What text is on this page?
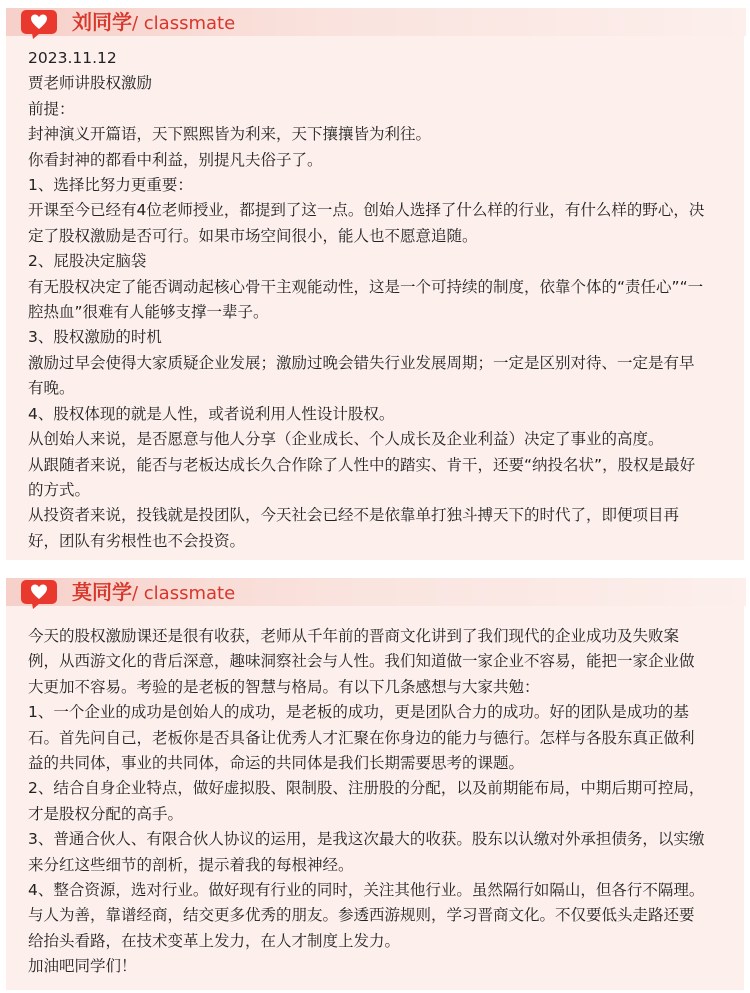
刘同学/ classmate
2023.11.12
贾老师讲股权激励
前提：
封神演义开篇语，天下熙熙皆为利来，天下攘攘皆为利往。
你看封神的都看中利益，别提凡夫俗子了。
1、选择比努力更重要：
开课至今已经有4位老师授业，都提到了这一点。创始人选择了什么样的行业，有什么样的野心，决
定了股权激励是否可行。如果市场空间很小，能人也不愿意追随。
2、屁股决定脑袋
有无股权决定了能否调动起核心骨干主观能动性，这是一个可持续的制度，依靠个体的“责任心”“一
腔热血”很难有人能够支撑一辈子。
3、股权激励的时机
激励过早会使得大家质疑企业发展；激励过晚会错失行业发展周期；一定是区别对待、一定是有早
有晚。
4、股权体现的就是人性，或者说利用人性设计股权。
从创始人来说，是否愿意与他人分享（企业成长、个人成长及企业利益）决定了事业的高度。
从跟随者来说，能否与老板达成长久合作除了人性中的踏实、肯干，还要“纳投名状”，股权是最好
的方式。
从投资者来说，投钱就是投团队，今天社会已经不是依靠单打独斗搏天下的时代了，即便项目再
好，团队有劣根性也不会投资。
莫同学/ classmate
今天的股权激励课还是很有收获，老师从千年前的晋商文化讲到了我们现代的企业成功及失败案
例，从西游文化的背后深意，趣味洞察社会与人性。我们知道做一家企业不容易，能把一家企业做
大更加不容易。考验的是老板的智慧与格局。有以下几条感想与大家共勉：
1、一个企业的成功是创始人的成功，是老板的成功，更是团队合力的成功。好的团队是成功的基
石。首先问自己，老板你是否具备让优秀人才汇聚在你身边的能力与德行。怎样与各股东真正做利
益的共同体，事业的共同体，命运的共同体是我们长期需要思考的课题。
2、结合自身企业特点，做好虚拟股、限制股、注册股的分配，以及前期能布局，中期后期可控局，
才是股权分配的高手。
3、普通合伙人、有限合伙人协议的运用，是我这次最大的收获。股东以认缴对外承担债务，以实缴
来分红这些细节的剖析，提示着我的每根神经。
4、整合资源，选对行业。做好现有行业的同时，关注其他行业。虽然隔行如隔山，但各行不隔理。
与人为善，靠谱经商，结交更多优秀的朋友。参透西游规则，学习晋商文化。不仅要低头走路还要
给抬头看路，在技术变革上发力，在人才制度上发力。
加油吧同学们！
